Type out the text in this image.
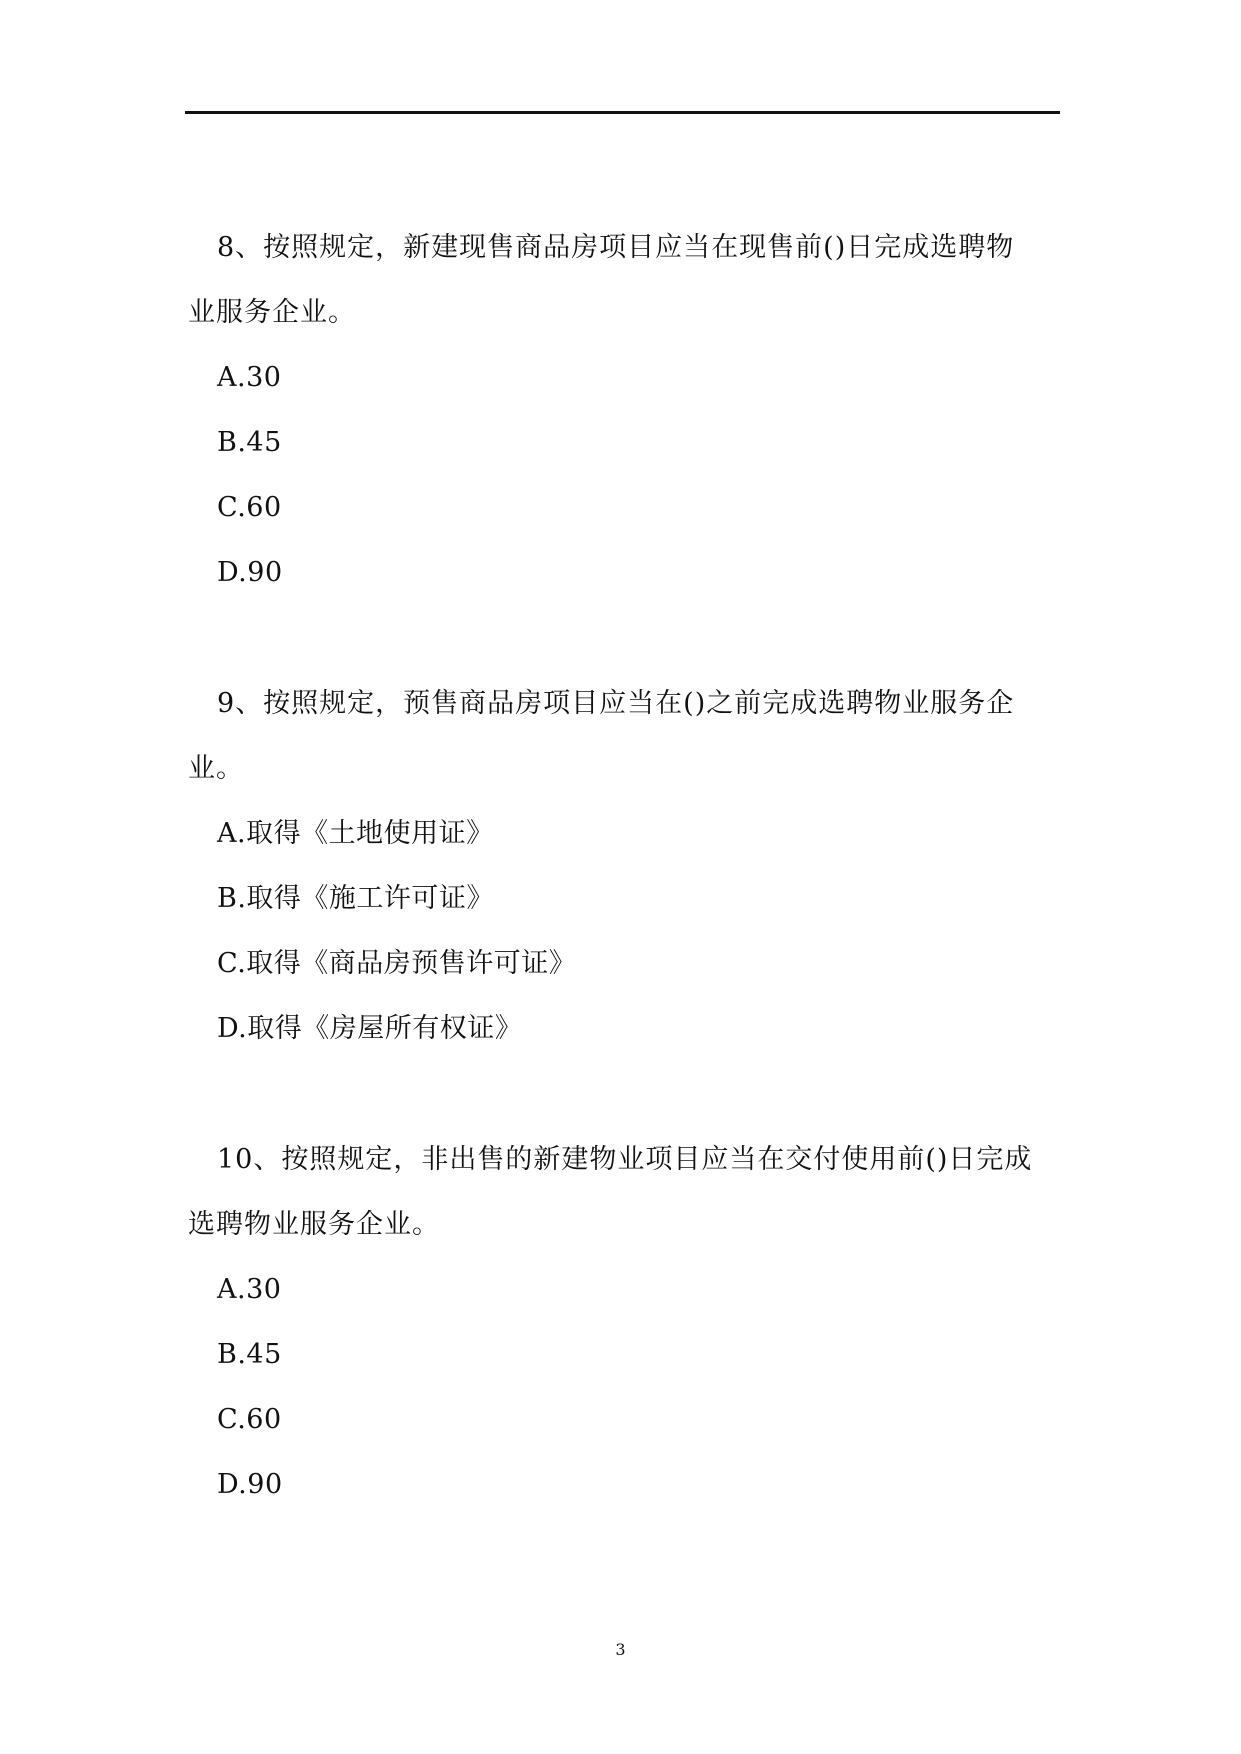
8、按照规定，新建现售商品房项目应当在现售前()日完成选聘物
业服务企业。
A.30
B.45
C.60
D.90
9、按照规定，预售商品房项目应当在()之前完成选聘物业服务企
业。
A.取得《土地使用证》
B.取得《施工许可证》
C.取得《商品房预售许可证》
D.取得《房屋所有权证》
10、按照规定，非出售的新建物业项目应当在交付使用前()日完成
选聘物业服务企业。
A.30
B.45
C.60
D.90
3
